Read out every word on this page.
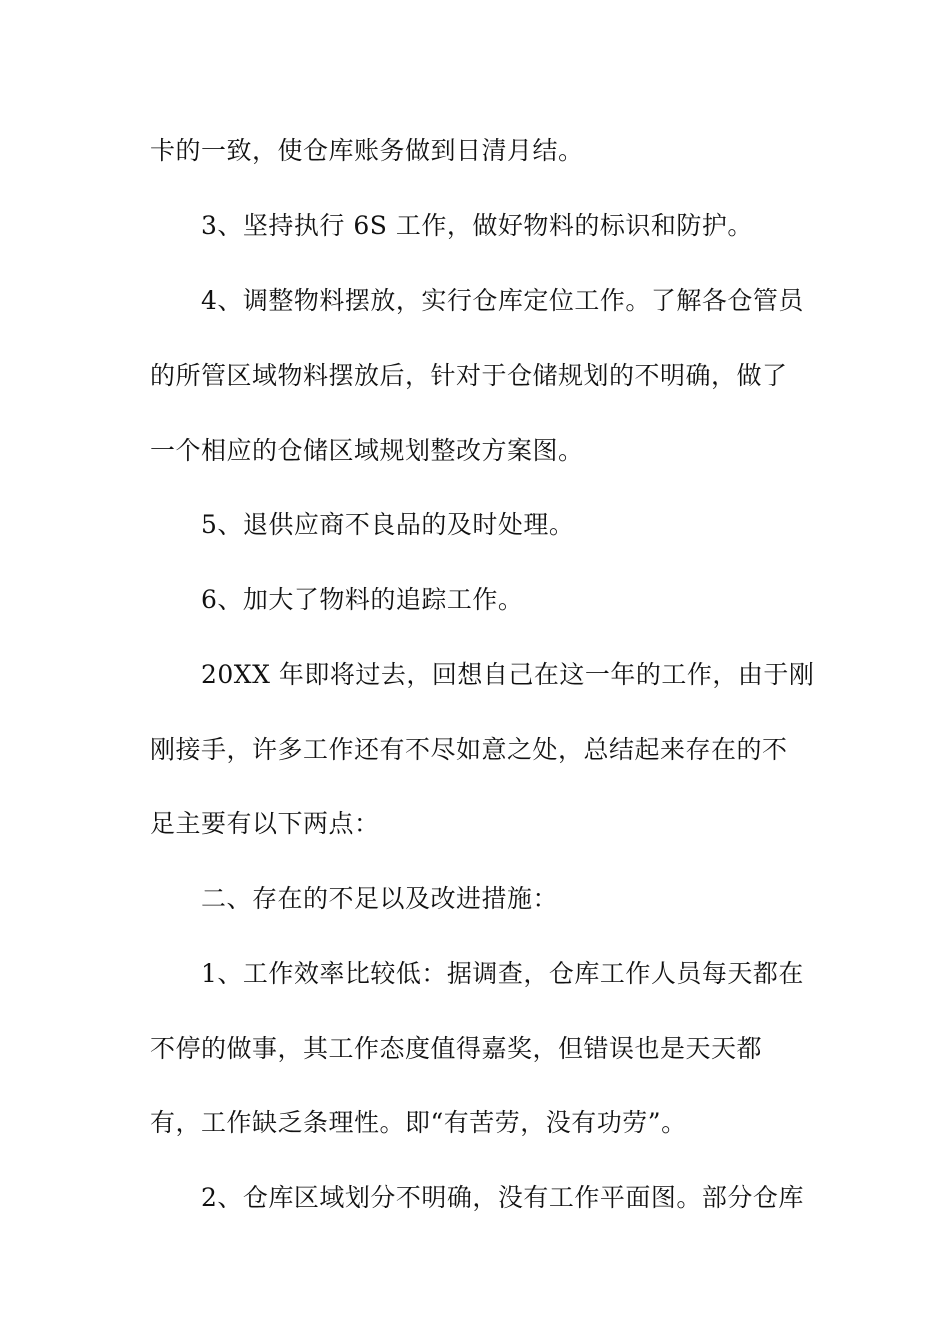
卡的一致，使仓库账务做到日清月结。
3、坚持执行 6S 工作，做好物料的标识和防护。
4、调整物料摆放，实行仓库定位工作。了解各仓管员
的所管区域物料摆放后，针对于仓储规划的不明确，做了
一个相应的仓储区域规划整改方案图。
5、退供应商不良品的及时处理。
6、加大了物料的追踪工作。
20XX 年即将过去，回想自己在这一年的工作，由于刚
刚接手，许多工作还有不尽如意之处，总结起来存在的不
足主要有以下两点：
二、存在的不足以及改进措施：
1、工作效率比较低：据调查，仓库工作人员每天都在
不停的做事，其工作态度值得嘉奖，但错误也是天天都
有，工作缺乏条理性。即“有苦劳，没有功劳”。
2、仓库区域划分不明确，没有工作平面图。部分仓库
